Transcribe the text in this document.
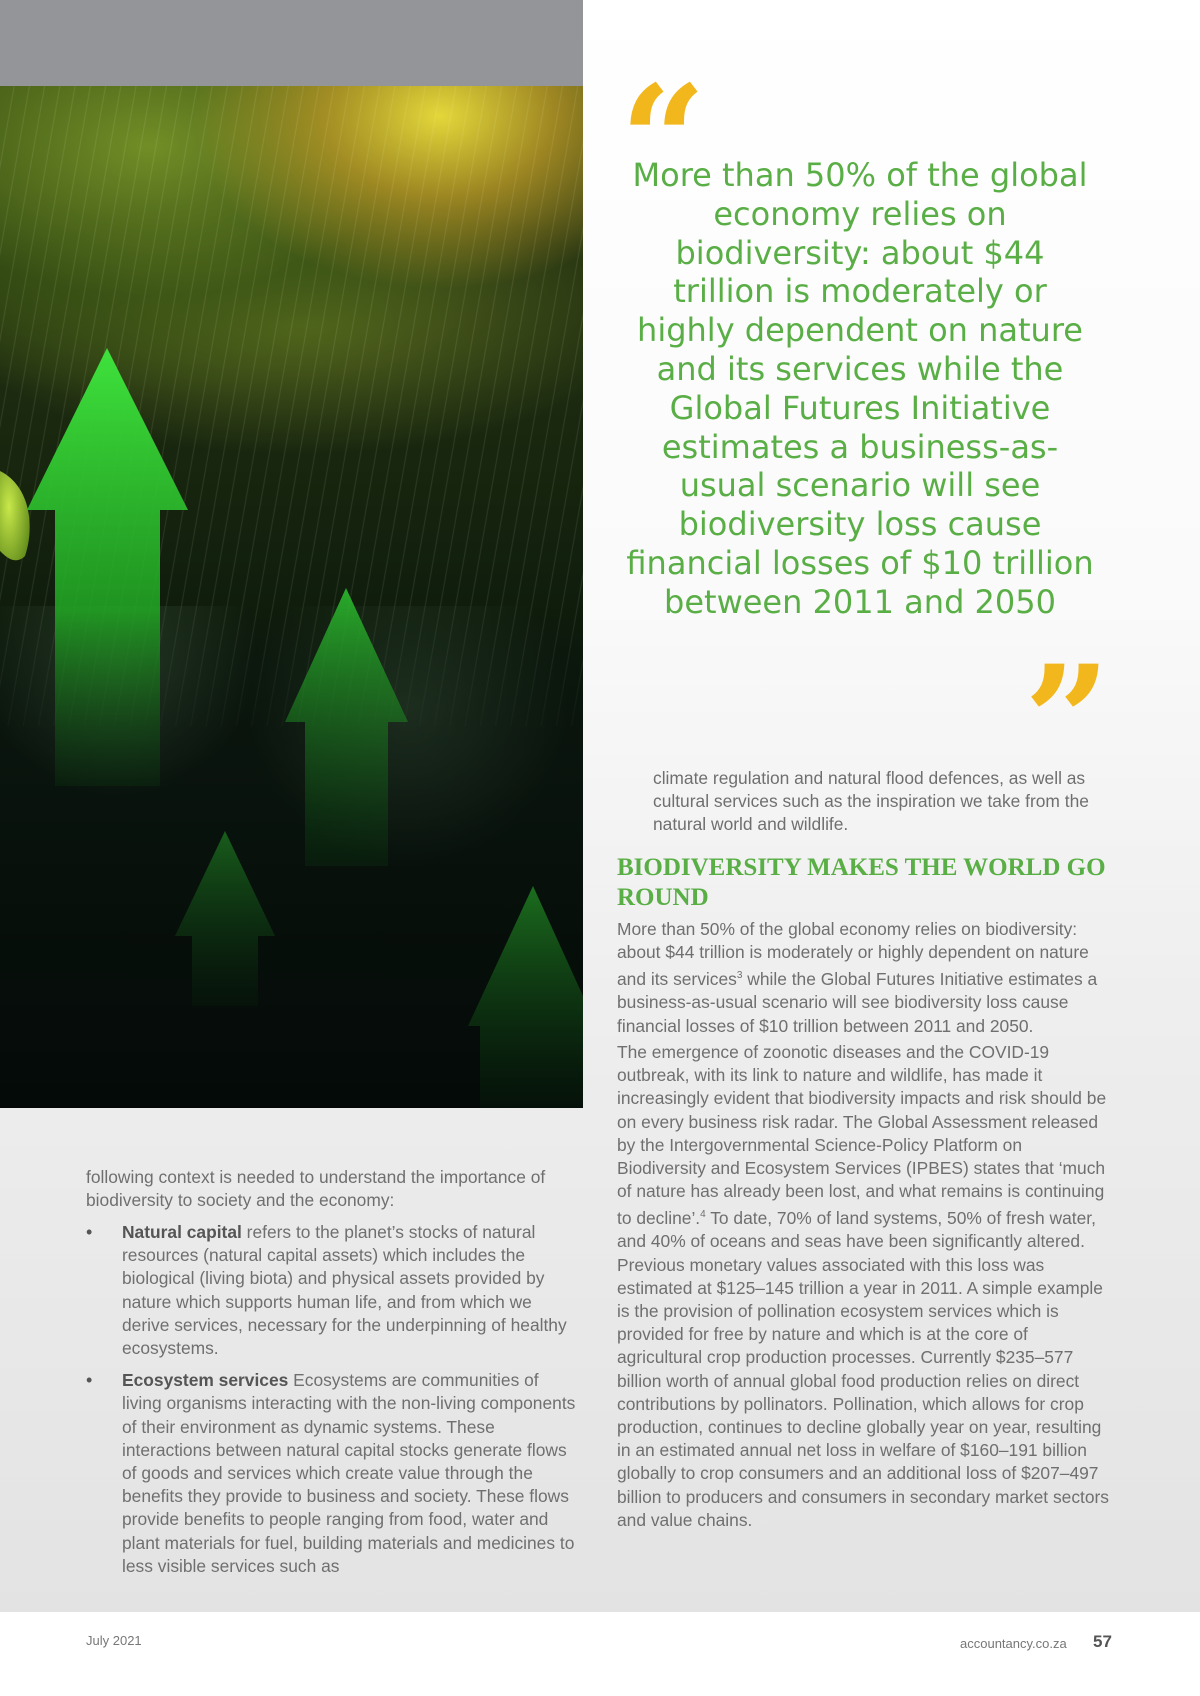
“

More than 50% of the global economy relies on biodiversity: about $44 trillion is moderately or highly dependent on nature and its services while the Global Futures Initiative estimates a business-as-usual scenario will see biodiversity loss cause financial losses of $10 trillion between 2011 and 2050

”

climate regulation and natural flood defences, as well as cultural services such as the inspiration we take from the natural world and wildlife.

BIODIVERSITY MAKES THE WORLD GO ROUND

More than 50% of the global economy relies on biodiversity: about $44 trillion is moderately or highly dependent on nature and its services$^3$ while the Global Futures Initiative estimates a business-as-usual scenario will see biodiversity loss cause financial losses of $10 trillion between 2011 and 2050.

The emergence of zoonotic diseases and the COVID-19 outbreak, with its link to nature and wildlife, has made it increasingly evident that biodiversity impacts and risk should be on every business risk radar. The Global Assessment released by the Intergovernmental Science-Policy Platform on Biodiversity and Ecosystem Services (IPBES) states that ‘much of nature has already been lost, and what remains is continuing to decline’.$^4$ To date, 70% of land systems, 50% of fresh water, and 40% of oceans and seas have been significantly altered. Previous monetary values associated with this loss was estimated at $125–145 trillion a year in 2011. A simple example is the provision of pollination ecosystem services which is provided for free by nature and which is at the core of agricultural crop production processes. Currently $235–577 billion worth of annual global food production relies on direct contributions by pollinators. Pollination, which allows for crop production, continues to decline globally year on year, resulting in an estimated annual net loss in welfare of $160–191 billion globally to crop consumers and an additional loss of $207–497 billion to producers and consumers in secondary market sectors and value chains.

following context is needed to understand the importance of biodiversity to society and the economy:

• Natural capital refers to the planet’s stocks of natural resources (natural capital assets) which includes the biological (living biota) and physical assets provided by nature which supports human life, and from which we derive services, necessary for the underpinning of healthy ecosystems.
• Ecosystem services Ecosystems are communities of living organisms interacting with the non-living components of their environment as dynamic systems. These interactions between natural capital stocks generate flows of goods and services which create value through the benefits they provide to business and society. These flows provide benefits to people ranging from food, water and plant materials for fuel, building materials and medicines to less visible services such as
July 2021	accountancy.co.za 57
